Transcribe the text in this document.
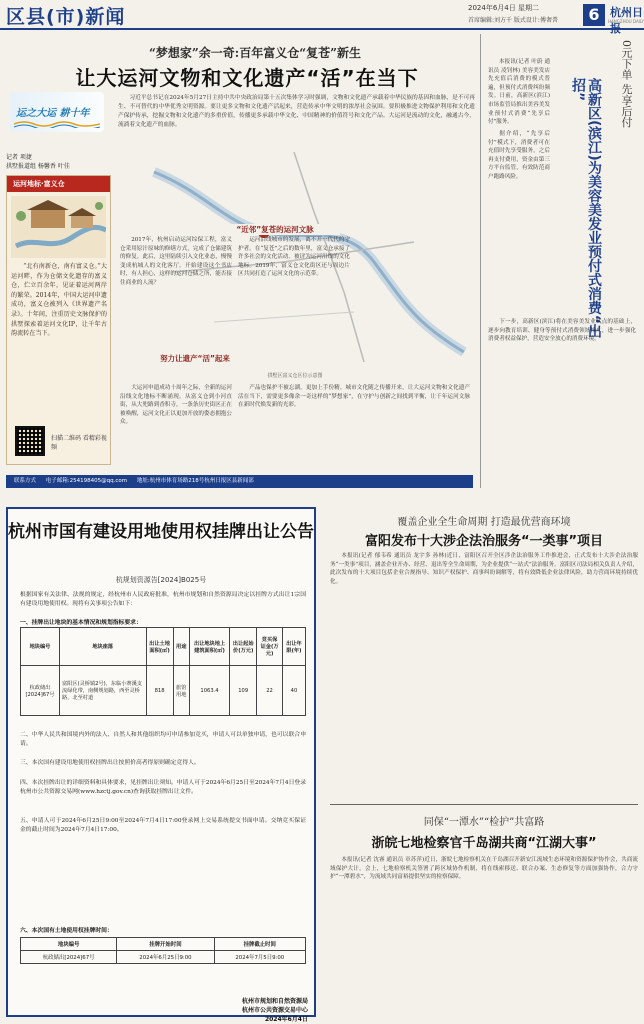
区县(市)新闻	2024年6月4日 星期二
首席编辑:刘方千 版式设计:傅奢普	6 杭州日报
HANGZHOU DAILY
“梦想家”余一奇:百年富义仓“复苍”新生
让大运河文物和文化遗产“活”在当下
运之大运 耕十年
习近平总书记在2024年5月27日主持中共中央政治局第十五次集体学习时强调，文物和文化遗产承载着中华民族的基因和血脉，是不可再生、不可替代的中华优秀文明资源。要让更多文物和文化遗产活起来，营造传承中华文明的浓厚社会氛围。要积极推进文物保护利用和文化遗产保护传承，挖掘文物和文化遗产的多重价值，传播更多承载中华文化、中国精神的价值符号和文化产品。大运河是流动的文化，融通古今，流淌着文化遗产的血脉。
记者 项捷
拱墅报道组 杨馨香 叶佳
运河地标·富义仓
“北有南新仓，南有富义仓。”大运河畔，作为仓储文化遗存的富义仓，伫立百余年，见证着运河两岸的繁荣。2014年，中国大运河申遗成功，富义仓被列入《世界遗产名录》。十年间，注重历史文脉保护的拱墅探索着运河文化IP，让千年古韵流转在当下。
扫描二维码 看精彩视频
拱墅区富义仓区位示意图
“近邻”复苍的运河文脉
2017年，杭州启动运河综保工程，富义仓采用原汁原味的修缮方式，完成了仓储建筑的修复。此后，这里陆续引入文化业态，慢慢变成杭城人的文化客厅。开始建设这个书店时，有人担心，这样的运河仓储之所，能否接住商业的人流？
运河沿线城市的发展，离不开一代代的守护者。在“复苍”之后的数年里，富义仓承接了许多社会的文化活动，被评为运河沿线的文化地标。2019年，富义仓文化街区还与周边片区共同打造了运河文化的示范带。
努力让遗产“活”起来
大运河申遗成功十周年之际，全新的运河沿线文化地标不断涌现。从富义仓到小河直街，从大兜路到香积寺，一条条历史街区正在被唤醒，运河文化正以更加开放的姿态拥抱公众。
产品也保护不被忘湖，更加上手份精。城市文化随之传播开来，让大运河文物和文化遗产活在当下，需要更多像余一奇这样的“梦想家”，在守护与创新之间找到平衡，让千年运河文脉在新时代焕发新的光彩。
联系方式 电子邮箱:254198405@qq.com 地址:杭州市体育场路218号杭州日报区县新闻部
本报讯(记者 叶蔚 通讯员 凌钊林) 美容美发店先充值后消费的模式普遍，但预付式消费纠纷频发。日前，高新区(滨江)市场监管局推出美容美发业预付式消费“先享后付”服务。	0元下单 先享后付
高新区(滨江)为美容美发业预付式消费“出招”
据介绍，“先享后付”模式下，消费者可在充值时先享受服务，之后再支付费用，资金由第三方平台监管，有效防范商户跑路风险。
下一步，高新区(滨江)将在美容美发业试点的基础上，逐步向教育培训、健身等预付式消费领域推广，进一步强化消费者权益保护，营造安全放心的消费环境。
杭州市国有建设用地使用权挂牌出让公告
杭规划资源告[2024]B025号
根据国家有关法律、法规的规定，经杭州市人民政府批准，杭州市规划和自然资源局决定以挂牌方式出让1宗国有建设用地使用权。现将有关事项公告如下：
一、挂牌出让地块的基本情况和规划指标要求：
地块编号	地块座落	出让土地面积(㎡)	用途	出让地块地上建筑面积(㎡)	出让起始价(万元)	竞买保证金(万元)	出让年限(年)
杭政储出[2024]67号	富阳区(灵桥镇2号)，东临小赛溪支流绿化带，南侧规划路，西至灵桥路，北至村道	818	旅馆用地	1063.4	109	22	40
二、中华人民共和国境内外的法人、自然人和其他组织均可申请参加竞买，申请人可以单独申请，也可以联合申请。
三、本次国有建设用地使用权挂牌出让按照价高者得原则确定竞得人。
四、本次挂牌出让的详细资料和具体要求，见挂牌出让须知。申请人可于2024年6月25日至2024年7月4日登录杭州市公共资源交易网(www.hzctj.gov.cn)查询获取挂牌出让文件。
五、申请人可于2024年6月25日9:00至2024年7月4日17:00登录网上交易系统提交书面申请。交纳竞买保证金的截止时间为2024年7月4日17:00。
六、本次国有土地使用权挂牌时间：
地块编号	挂牌开始时间	挂牌截止时间
杭政储出[2024]67号	2024年6月25日9:00	2024年7月5日9:00
杭州市规划和自然资源局
杭州市公共资源交易中心
2024年6月4日
覆盖企业全生命周期 打造最优营商环境
富阳发布十大涉企法治服务“一类事”项目
本报讯(记者 郁韦希 通讯员 龙宇多 孙林)近日，富阳区召开全区涉企法治服务工作推进会，正式发布十大涉企法治服务“一类事”项目，涵盖企业开办、经营、退出等全生命周期，为企业提供“一站式”法治服务。富阳区司法局相关负责人介绍，此次发布的十大项目包括企业合规指导、知识产权保护、商事纠纷调解等，将有效降低企业法律风险，助力营商环境持续优化。
同保“一潭水”“检护”共富路
浙皖七地检察官千岛湖共商“江湖大事”
本报讯(记者 沈睿 通讯员 章苏萍)近日，浙皖七地检察机关在千岛湖召开新安江流域生态环境和资源保护协作会，共商流域保护大计。会上，七地检察机关签署了跨区域协作机制，将在线索移送、联合办案、生态修复等方面加强协作，合力守护“一潭碧水”，为流域共同富裕提供坚实的检察保障。
